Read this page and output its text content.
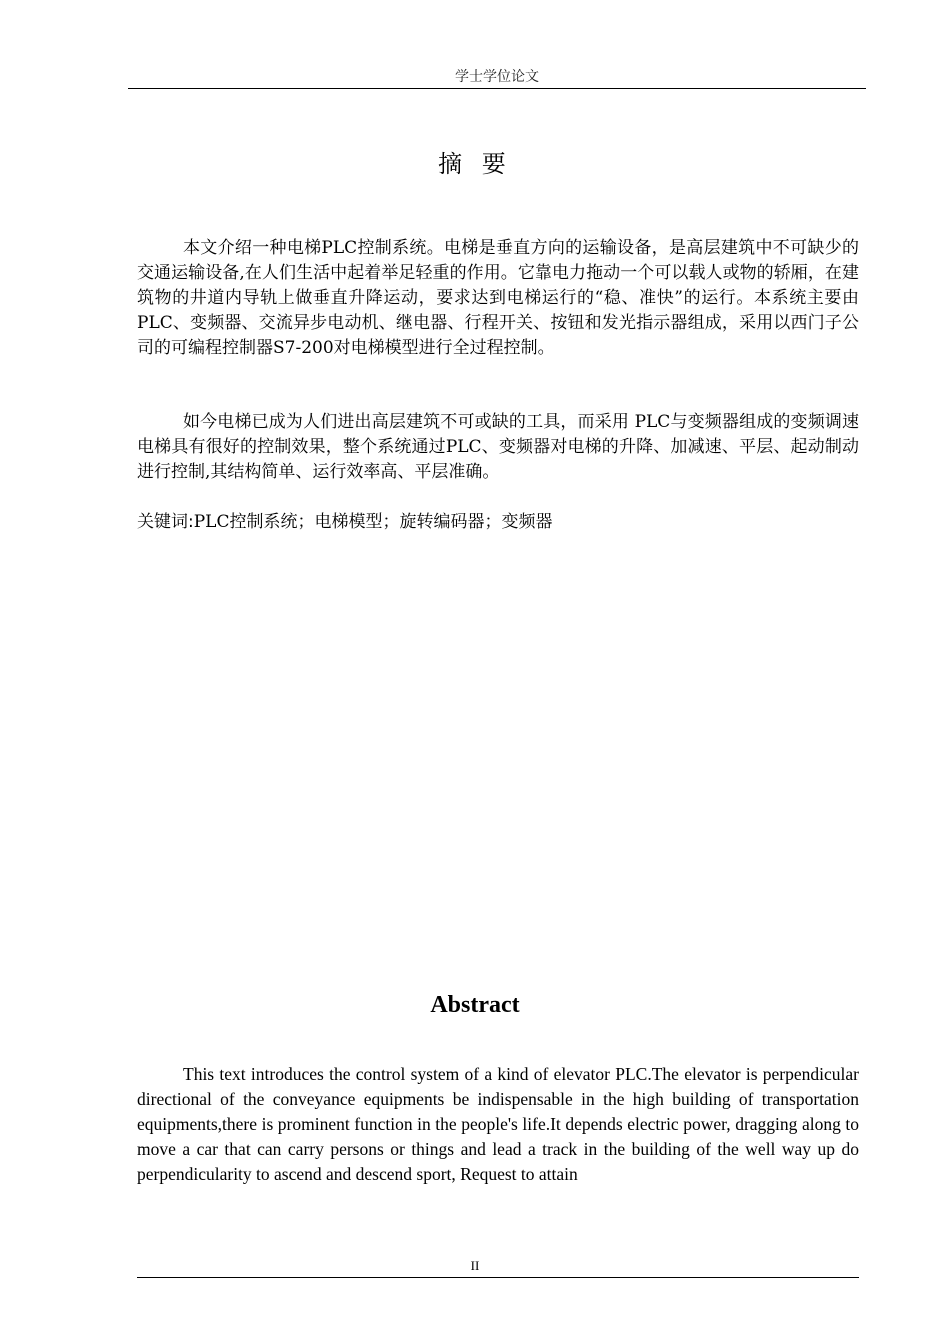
学士学位论文
摘 要

本文介绍一种电梯PLC控制系统。电梯是垂直方向的运输设备，是高层建筑中不可缺少的交通运输设备,在人们生活中起着举足轻重的作用。它靠电力拖动一个可以载人或物的轿厢，在建筑物的井道内导轨上做垂直升降运动，要求达到电梯运行的“稳、准快”的运行。本系统主要由PLC、变频器、交流异步电动机、继电器、行程开关、按钮和发光指示器组成，采用以西门子公司的可编程控制器S7-200对电梯模型进行全过程控制。

如今电梯已成为人们进出高层建筑不可或缺的工具，而采用 PLC与变频器组成的变频调速电梯具有很好的控制效果，整个系统通过PLC、变频器对电梯的升降、加减速、平层、起动制动进行控制,其结构简单、运行效率高、平层准确。

关键词:PLC控制系统；电梯模型；旋转编码器；变频器
Abstract

This text introduces the control system of a kind of elevator PLC.The elevator is perpendicular directional of the conveyance equipments be indispensable in the high building of transportation equipments,there is prominent function in the people's life.It depends electric power, dragging along to move a car that can carry persons or things and lead a track in the building of the well way up do perpendicularity to ascend and descend sport, Request to attain

II
